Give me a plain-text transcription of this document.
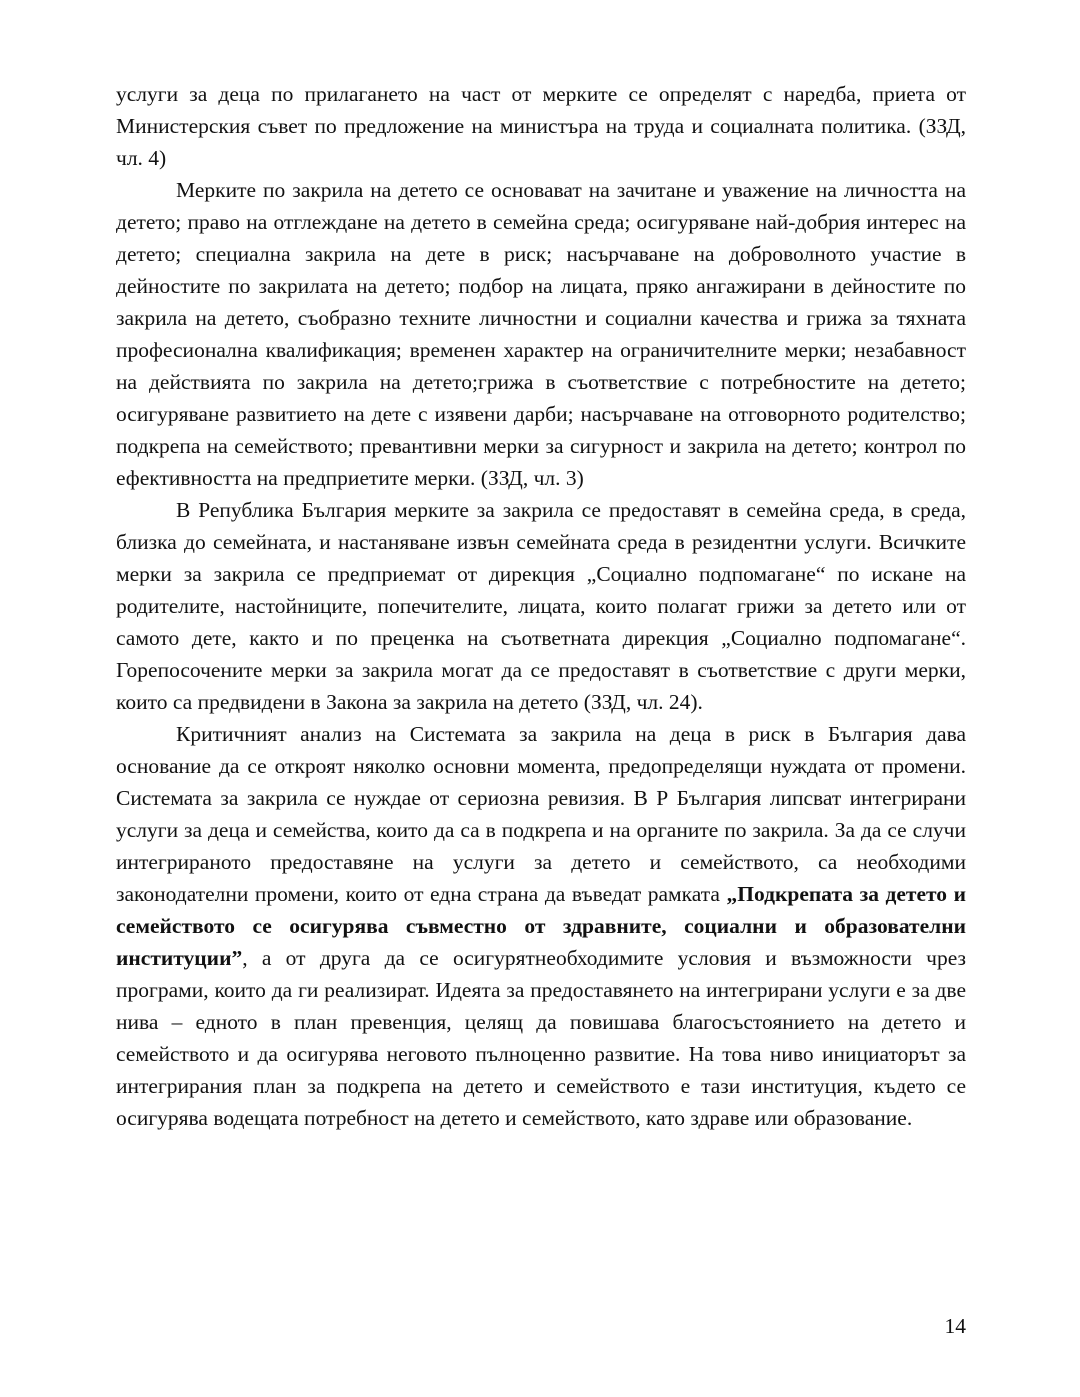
услуги за деца по прилагането на част от мерките се определят с наредба, приета от Министерския съвет по предложение на министъра на труда и социалната политика. (ЗЗД, чл. 4)

Мерките по закрила на детето се основават на зачитане и уважение на личността на детето; право на отглеждане на детето в семейна среда; осигуряване най-добрия интерес на детето; специална закрила на дете в риск; насърчаване на доброволното участие в дейностите по закрилата на детето; подбор на лицата, пряко ангажирани в дейностите по закрила на детето, съобразно техните личностни и социални качества и грижа за тяхната професионална квалификация; временен характер на ограничителните мерки; незабавност на действията по закрила на детето;грижа в съответствие с потребностите на детето; осигуряване развитието на дете с изявени дарби; насърчаване на отговорното родителство; подкрепа на семейството; превантивни мерки за сигурност и закрила на детето; контрол по ефективността на предприетите мерки. (ЗЗД, чл. 3)

В Република България мерките за закрила се предоставят в семейна среда, в среда, близка до семейната, и настаняване извън семейната среда в резидентни услуги. Всичките мерки за закрила се предприемат от дирекция „Социално подпомагане“ по искане на родителите, настойниците, попечителите, лицата, които полагат грижи за детето или от самото дете, както и по преценка на съответната дирекция „Социално подпомагане“. Горепосочените мерки за закрила могат да се предоставят в съответствие с други мерки, които са предвидени в Закона за закрила на детето (ЗЗД, чл. 24).

Критичният анализ на Системата за закрила на деца в риск в България дава основание да се откроят няколко основни момента, предопределящи нуждата от промени. Системата за закрила се нуждае от сериозна ревизия. В Р България липсват интегрирани услуги за деца и семейства, които да са в подкрепа и на органите по закрила. За да се случи интегрираното предоставяне на услуги за детето и семейството, са необходими законодателни промени, които от една страна да въведат рамката „Подкрепата за детето и семейството се осигурява съвместно от здравните, социални и образователни институции”, а от друга да се осигурятнеобходимите условия и възможности чрез програми, които да ги реализират. Идеята за предоставянето на интегрирани услуги е за две нива – едното в план превенция, целящ да повишава благосъстоянието на детето и семейството и да осигурява неговото пълноценно развитие. На това ниво инициаторът за интегрирания план за подкрепа на детето и семейството е тази институция, където се осигурява водещата потребност на детето и семейството, като здраве или образование.

14
